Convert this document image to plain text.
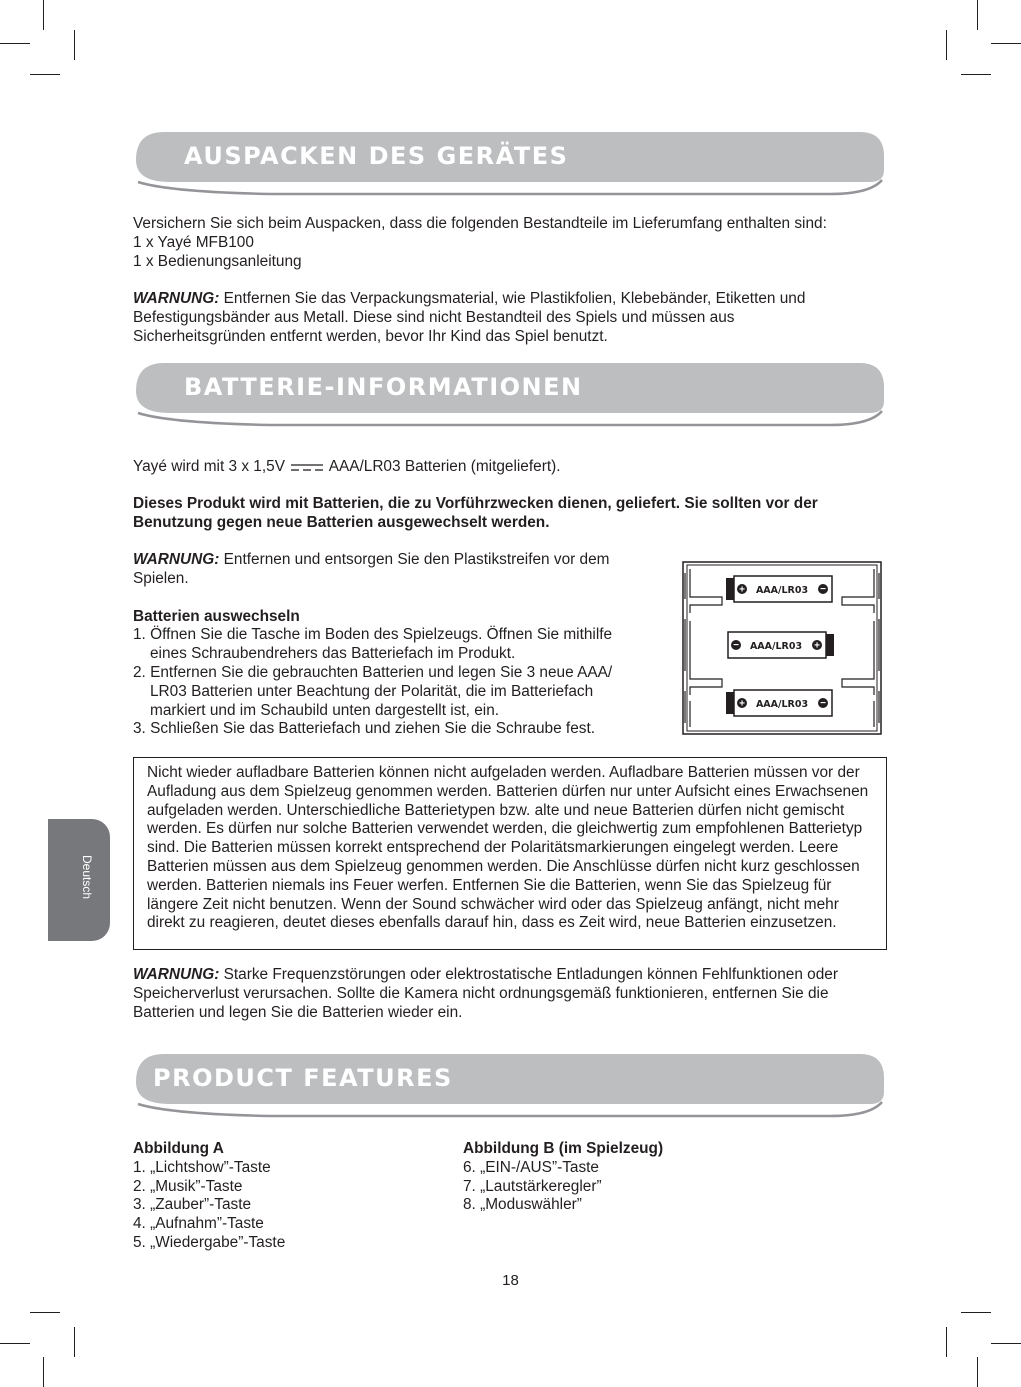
AUSPACKEN DES GERÄTES

Versichern Sie sich beim Auspacken, dass die folgenden Bestandteile im Lieferumfang enthalten sind:

1 x Yayé MFB100

1 x Bedienungsanleitung

WARNUNG: Entfernen Sie das Verpackungsmaterial, wie Plastikfolien, Klebebänder, Etiketten und Befestigungsbänder aus Metall. Diese sind nicht Bestandteil des Spiels und müssen aus Sicherheitsgründen entfernt werden, bevor Ihr Kind das Spiel benutzt.

BATTERIE-INFORMATIONEN
Yayé wird mit 3 x 1,5V	AAA/LR03 Batterien (mitgeliefert).
Dieses Produkt wird mit Batterien, die zu Vorführzwecken dienen, geliefert. Sie sollten vor der Benutzung gegen neue Batterien ausgewechselt werden.

WARNUNG: Entfernen und entsorgen Sie den Plastikstreifen vor dem Spielen.

Batterien auswechseln

1. Öffnen Sie die Tasche im Boden des Spielzeugs. Öffnen Sie mithilfe eines Schraubendrehers das Batteriefach im Produkt.
2. Entfernen Sie die gebrauchten Batterien und legen Sie 3 neue AAA/ LR03 Batterien unter Beachtung der Polarität, die im Batteriefach markiert und im Schaubild unten dargestellt ist, ein.
3. Schließen Sie das Batteriefach und ziehen Sie die Schraube fest.
+	−
AAA/LR03
−	+
AAA/LR03
+	−
AAA/LR03
Nicht wieder aufladbare Batterien können nicht aufgeladen werden. Aufladbare Batterien müssen vor der Aufladung aus dem Spielzeug genommen werden. Batterien dürfen nur unter Aufsicht eines Erwachsenen aufgeladen werden. Unterschiedliche Batterietypen bzw. alte und neue Batterien dürfen nicht gemischt werden. Es dürfen nur solche Batterien verwendet werden, die gleichwertig zum empfohlenen Batterietyp sind. Die Batterien müssen korrekt entsprechend der Polaritätsmarkierungen eingelegt werden. Leere Batterien müssen aus dem Spielzeug genommen werden. Die Anschlüsse dürfen nicht kurz geschlossen werden. Batterien niemals ins Feuer werfen. Entfernen Sie die Batterien, wenn Sie das Spielzeug für längere Zeit nicht benutzen. Wenn der Sound schwächer wird oder das Spielzeug anfängt, nicht mehr direkt zu reagieren, deutet dieses ebenfalls darauf hin, dass es Zeit wird, neue Batterien einzusetzen.
WARNUNG: Starke Frequenzstörungen oder elektrostatische Entladungen können Fehlfunktionen oder Speicherverlust verursachen. Sollte die Kamera nicht ordnungsgemäß funktionieren, entfernen Sie die Batterien und legen Sie die Batterien wieder ein.
PRODUCT FEATURES

Abbildung A

1. „Lichtshow”-Taste

2. „Musik”-Taste

3. „Zauber”-Taste

4. „Aufnahm”-Taste

5. „Wiedergabe”-Taste

Abbildung B (im Spielzeug)

6. „EIN-/AUS”-Taste

7. „Lautstärkeregler”

8. „Moduswähler”

Deutsch
18
